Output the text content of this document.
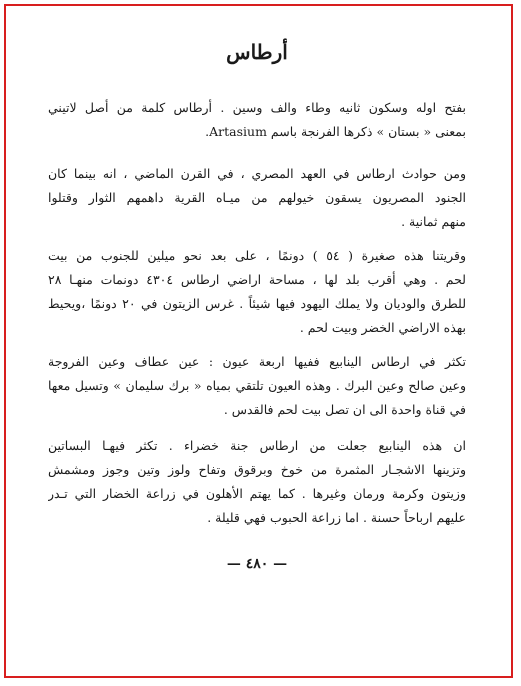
أرطاس
بفتح اوله وسكون ثانيه وطاء والف وسين . أرطاس كلمة من أصل لاتيني
بمعنى « بستان » ذكرها الفرنجة باسم Artasium.
ومن حوادث ارطاس في العهد المصري ، في القرن الماضي ، انه بينما كان
الجنود المصريون يسقون خيولهم من ميـاه القرية داهمهم الثوار وقتلوا
منهم ثمانية .
وقريتنا هذه صغيرة ( ٥٤ ) دونمًا ، على بعد نحو ميلين للجنوب من بيت
لحم . وهي أقرب بلد لها ، مساحة اراضي ارطاس ٤٣٠٤ دونمات منهـا ٢٨
للطرق والوديان ولا يملك اليهود فيها شيئاً . غرس الزيتون في ٢٠ دونمًا ،ويحيط
بهذه الاراضي الخضر وبيت لحم .
تكثر في ارطاس الينابيع ففيها اربعة عيون : عين عطاف وعين الفروجة
وعين صالح وعين البرك . وهذه العيون تلتقي بمياه « برك سليمان » وتسيل معها
في قناة واحدة الى ان تصل بيت لحم فالقدس .
ان هذه الينابيع جعلت من ارطاس جنة خضراء . تكثر فيهـا البساتين
وتزينها الاشجـار المثمرة من خوخ وبرقوق وتفاح ولوز وتين وجوز ومشمش
وزيتون وكرمة ورمان وغيرها . كما يهتم الأهلون في زراعة الخضار التي تـدر
عليهم ارباحاً حسنة . اما زراعة الحبوب فهي قليلة .
— ٤٨٠ —
